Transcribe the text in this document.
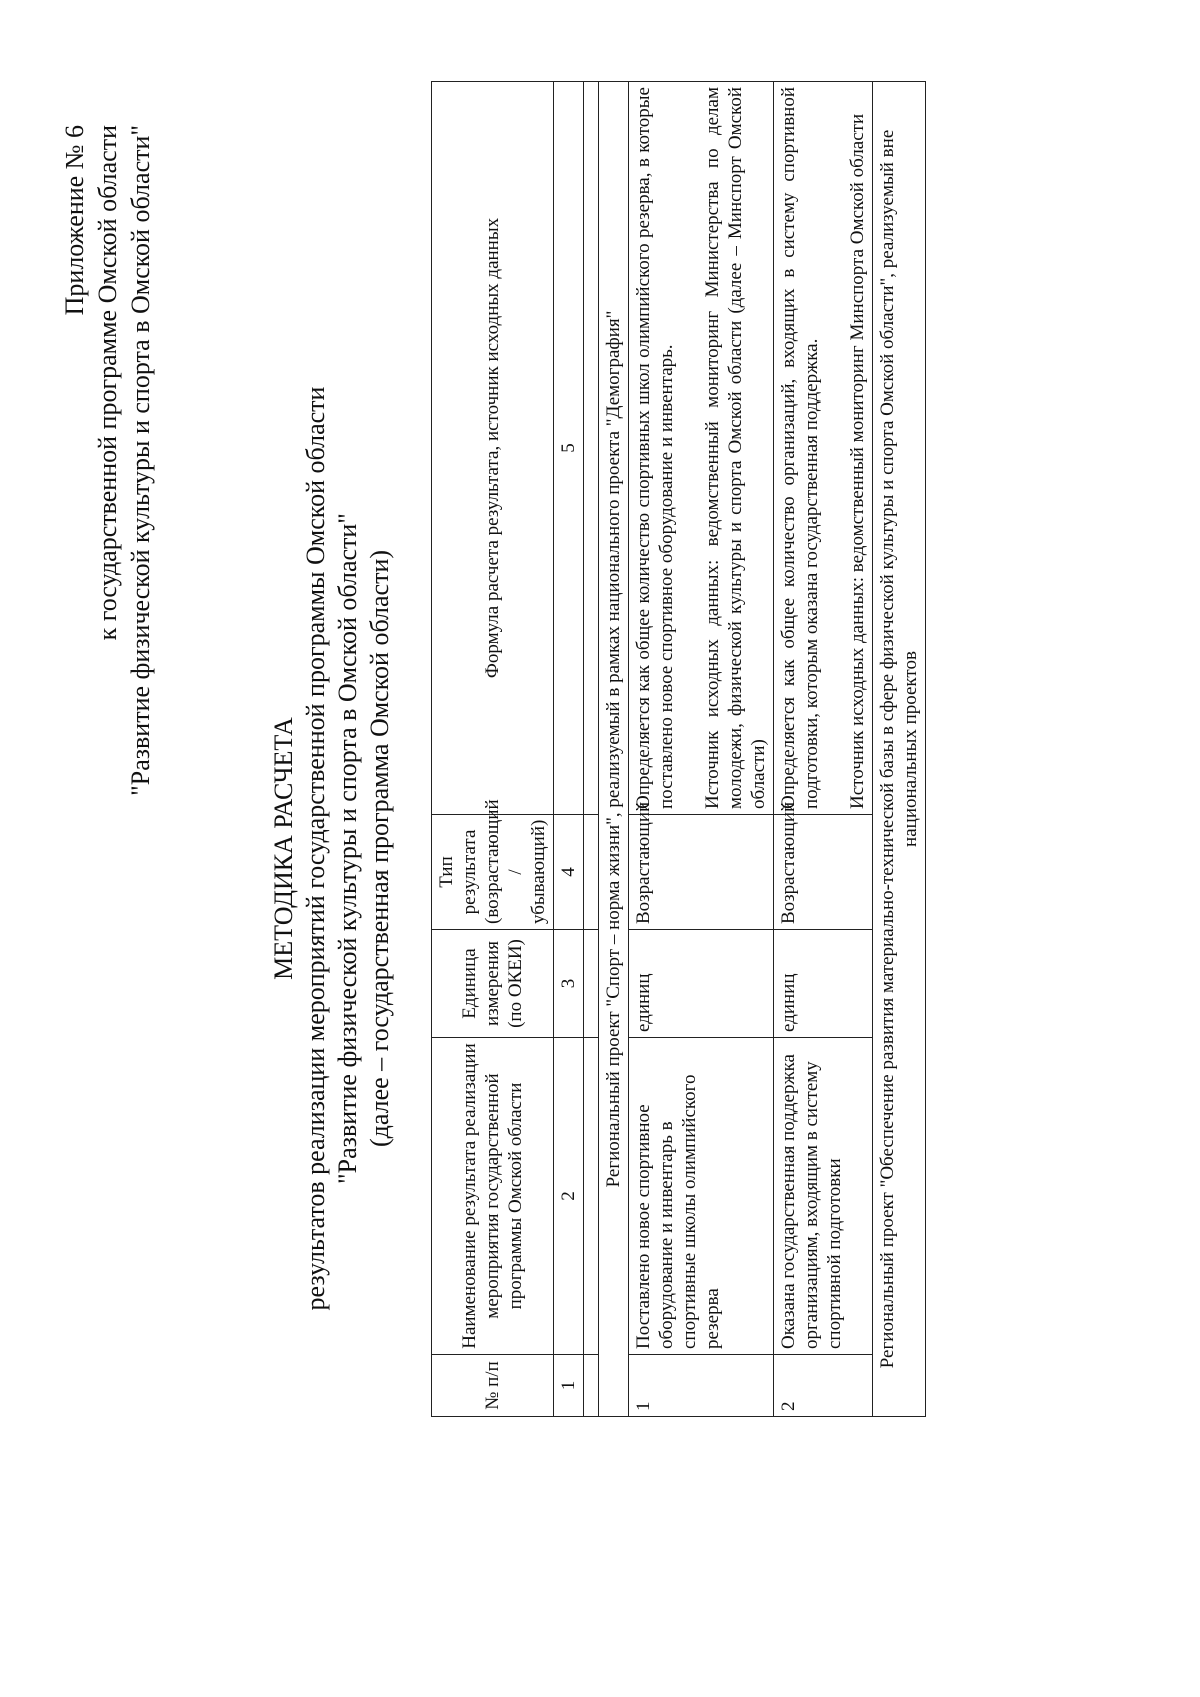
Приложение № 6 к государственной программе Омской области "Развитие физической культуры и спорта в Омской области"
МЕТОДИКА РАСЧЕТА результатов реализации мероприятий государственной программы Омской области "Развитие физической культуры и спорта в Омской области" (далее – государственная программа Омской области)
№ п/п	Наименование результата реализации мероприятия государственной программы Омской области	Единица измерения (по ОКЕИ)	Тип результата (возрастающий / убывающий)	Формула расчета результата, источник исходных данных
1	2	3	4	5

Региональный проект "Спорт – норма жизни", реализуемый в рамках национального проекта "Демография"				
1	Поставлено новое спортивное оборудование и инвентарь в спортивные школы олимпийского резерва	единиц	Возрастающий	Определяется как общее количество спортивных школ олимпийского резерва, в которые поставлено новое спортивное оборудование и инвентарь. Источник исходных данных: ведомственный мониторинг Министерства по делам молодежи, физической культуры и спорта Омской области (далее – Минспорт Омской области)

2	Оказана государственная поддержка организациям, входящим в систему спортивной подготовки	единиц	Возрастающий	Определяется как общее количество организаций, входящих в систему спортивной подготовки, которым оказана государственная поддержка. Источник исходных данных: ведомственный мониторинг Минспорта Омской области

Региональный проект "Обеспечение развития материально-технической базы в сфере физической культуры и спорта Омской области", реализуемый вне национальных проектов				
